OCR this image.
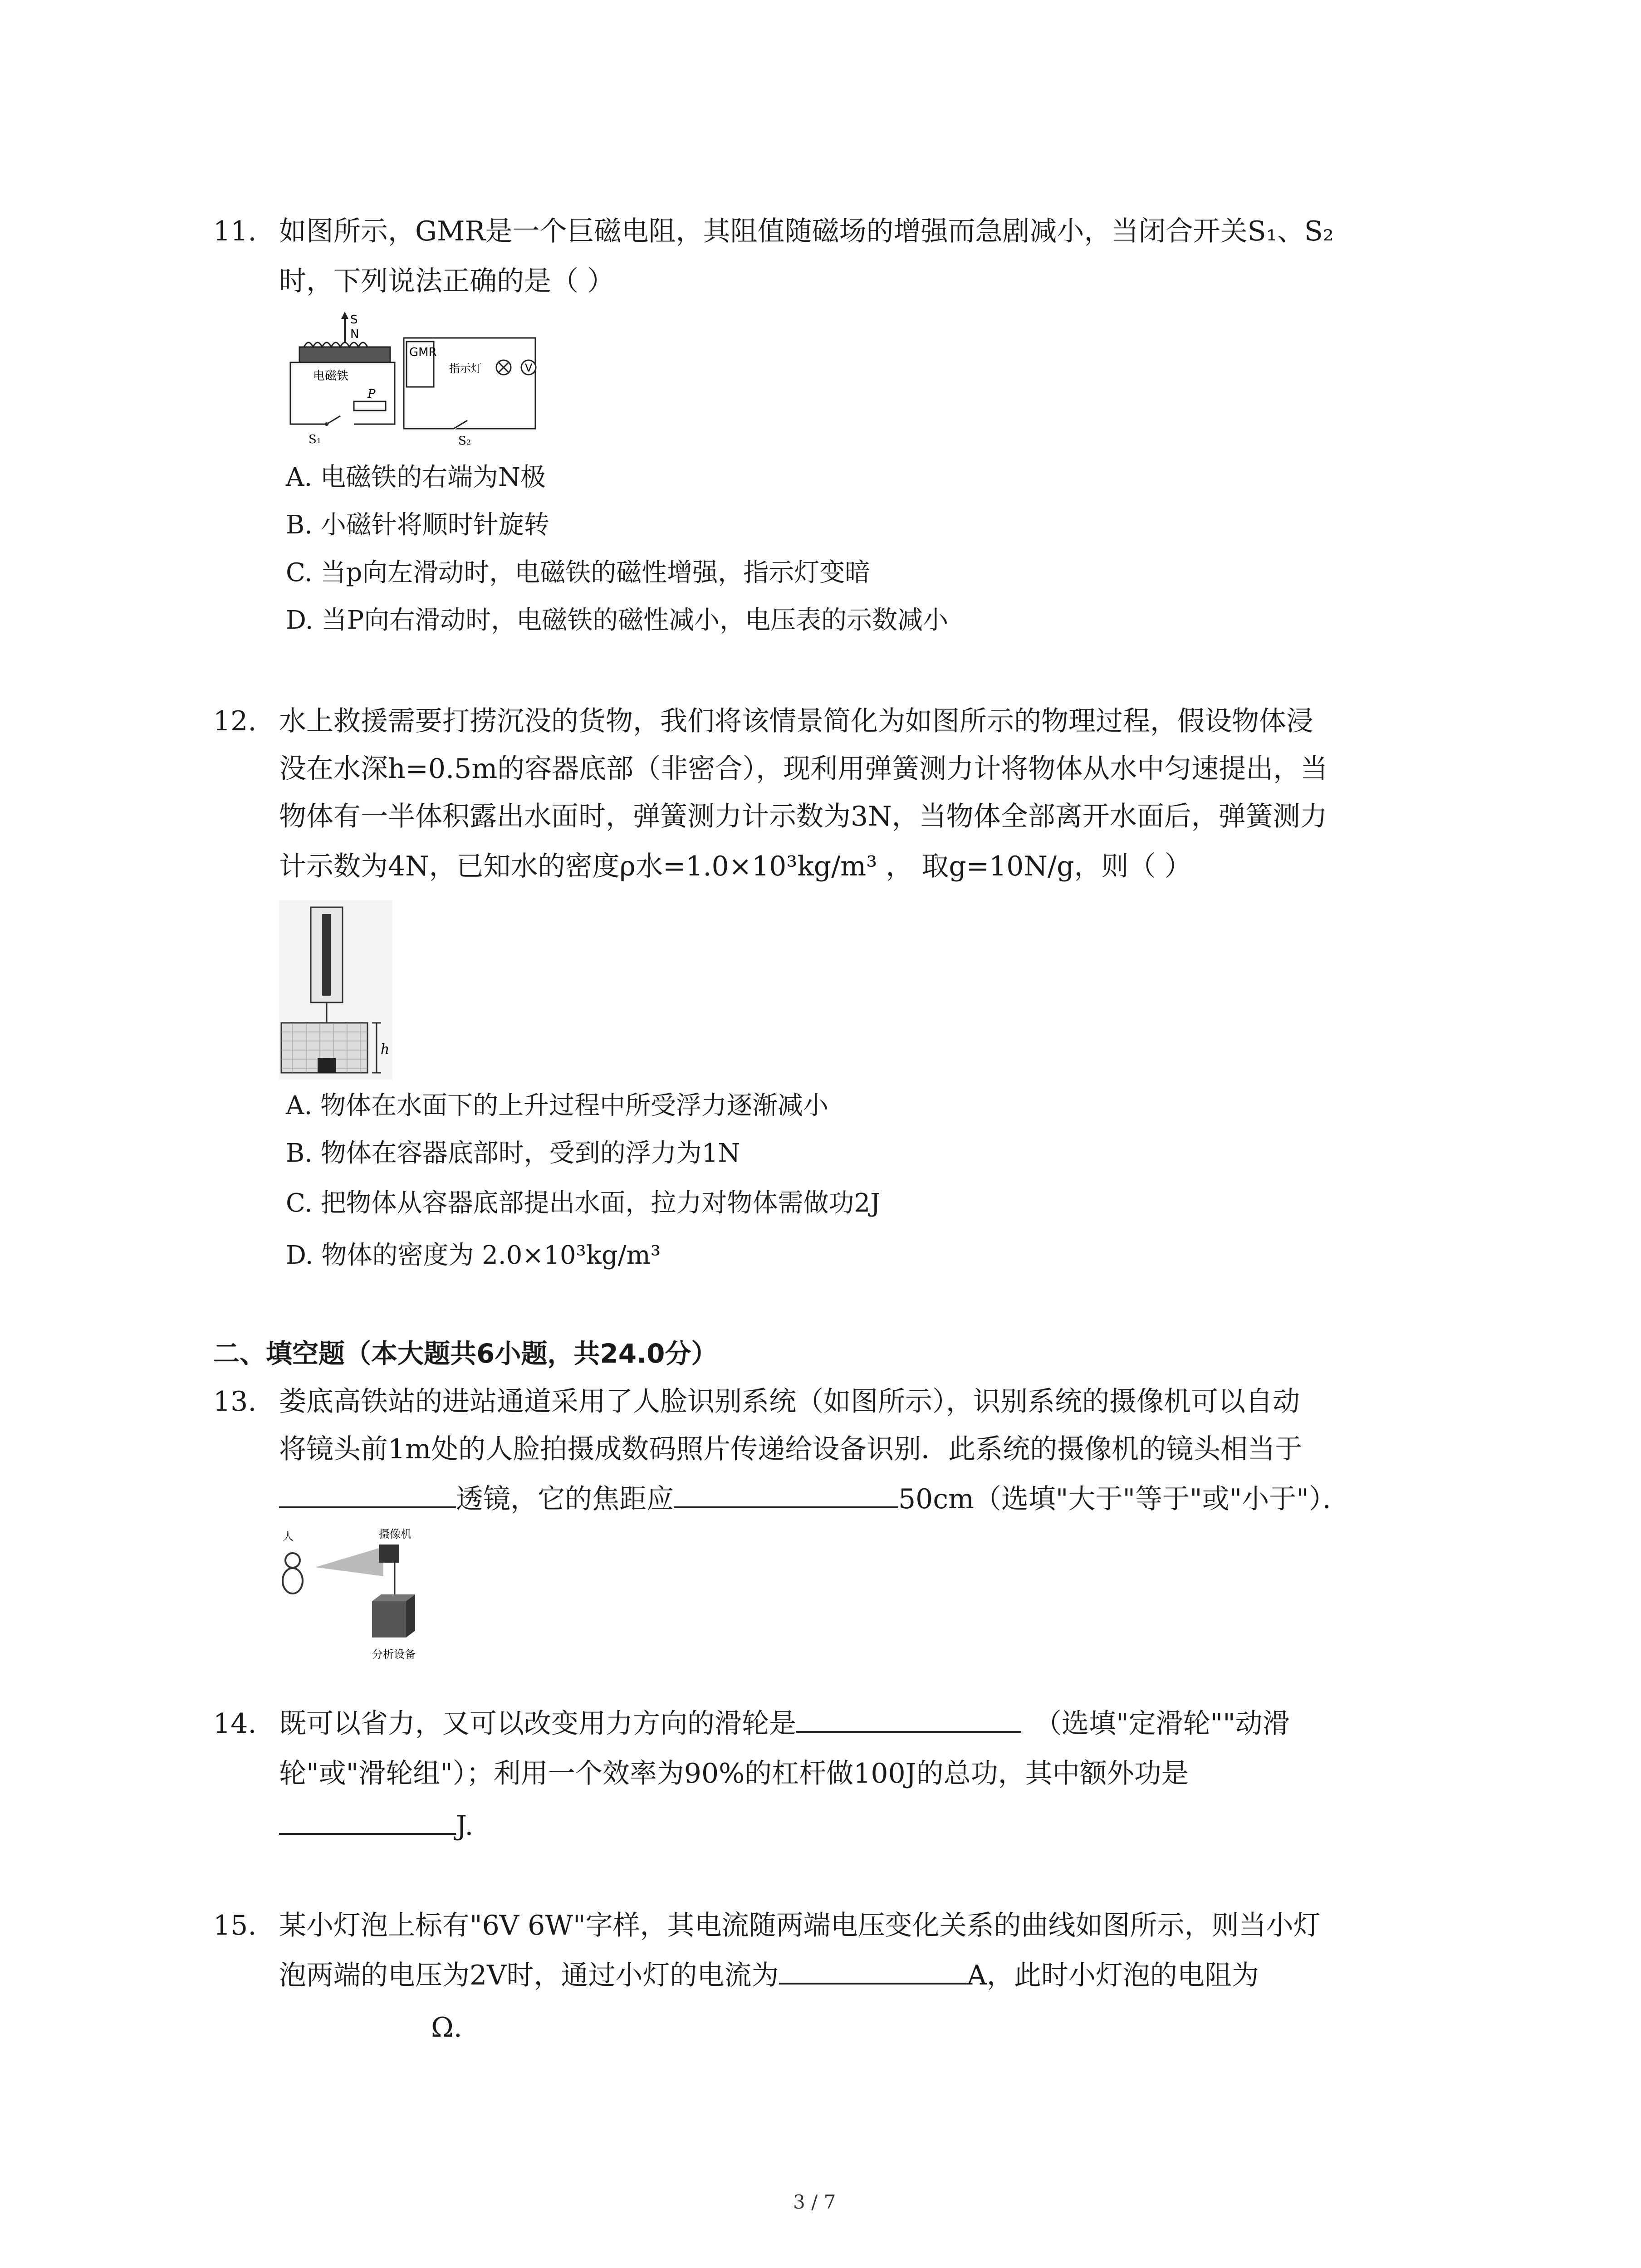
11. 如图所示，GMR是一个巨磁电阻，其阻值随磁场的增强而急剧减小，当闭合开关S₁、S₂
时，下列说法正确的是（ ）
S
N
电磁铁
S₁
P
GMR
指示灯	V
S₂
A. 电磁铁的右端为N极
B. 小磁针将顺时针旋转
C. 当p向左滑动时，电磁铁的磁性增强，指示灯变暗
D. 当P向右滑动时，电磁铁的磁性减小，电压表的示数减小
12. 水上救援需要打捞沉没的货物，我们将该情景简化为如图所示的物理过程，假设物体浸
没在水深h=0.5m的容器底部（非密合），现利用弹簧测力计将物体从水中匀速提出，当
物体有一半体积露出水面时，弹簧测力计示数为3N，当物体全部离开水面后，弹簧测力
计示数为4N，已知水的密度ρ水=1.0×10³kg/m³ ， 取g=10N/g，则（ ）
h
A. 物体在水面下的上升过程中所受浮力逐渐减小
B. 物体在容器底部时，受到的浮力为1N
C. 把物体从容器底部提出水面，拉力对物体需做功2J
D. 物体的密度为 2.0×10³kg/m³
二、填空题（本大题共6小题，共24.0分）
13. 娄底高铁站的进站通道采用了人脸识别系统（如图所示），识别系统的摄像机可以自动
将镜头前1m处的人脸拍摄成数码照片传递给设备识别．此系统的摄像机的镜头相当于
透镜，它的焦距应	50cm（选填"大于"等于"或"小于"）．
人	摄像机
分析设备
14. 既可以省力，又可以改变用力方向的滑轮是	（选填"定滑轮""动滑
轮"或"滑轮组"）；利用一个效率为90%的杠杆做100J的总功，其中额外功是
J.
15. 某小灯泡上标有"6V 6W"字样，其电流随两端电压变化关系的曲线如图所示，则当小灯
泡两端的电压为2V时，通过小灯的电流为	A，此时小灯泡的电阻为
Ω.
3 / 7
